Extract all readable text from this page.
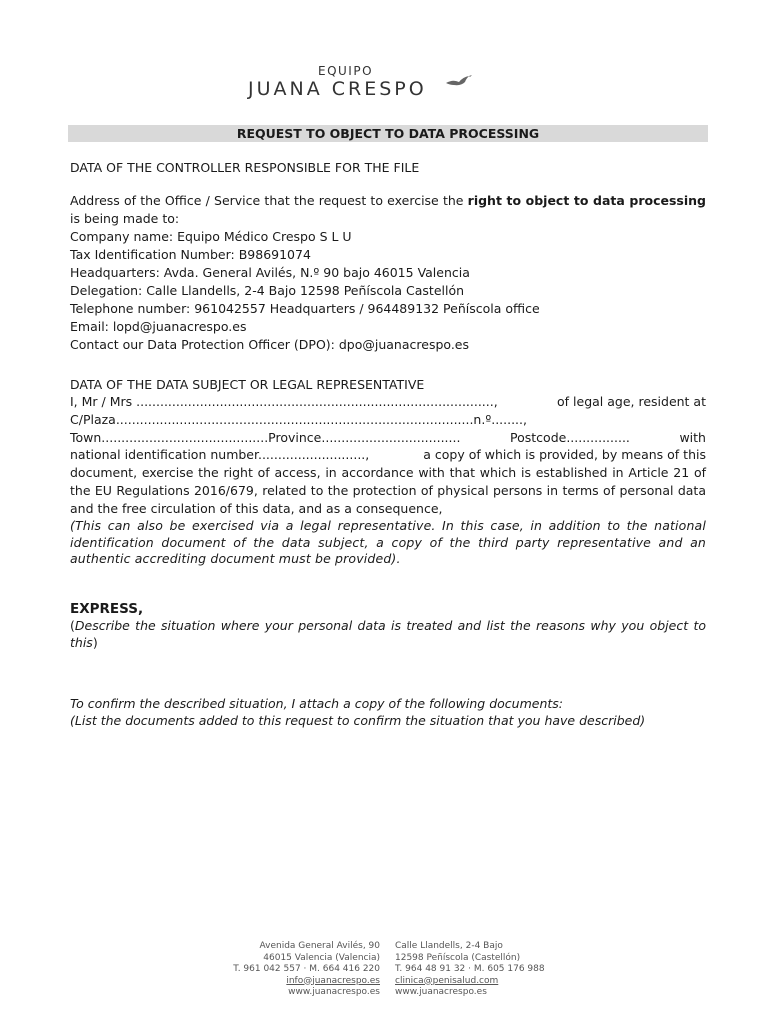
EQUIPO
JUANA CRESPO
REQUEST TO OBJECT TO DATA PROCESSING
DATA OF THE CONTROLLER RESPONSIBLE FOR THE FILE
Address of the Office / Service that the request to exercise the right to object to data processing is being made to:
Company name: Equipo Médico Crespo S L U
Tax Identification Number: B98691074
Headquarters: Avda. General Avilés, N.º 90 bajo 46015 Valencia
Delegation: Calle Llandells, 2-4 Bajo 12598 Peñíscola Castellón
Telephone number: 961042557 Headquarters / 964489132 Peñíscola office
Email: lopd@juanacrespo.es
Contact our Data Protection Officer (DPO): dpo@juanacrespo.es
DATA OF THE DATA SUBJECT OR LEGAL REPRESENTATIVE
I, Mr / Mrs ..........................................................................................,	of legal age, resident at
C/Plaza..........................................................................................n.º........,
Town..........................................Province...................................	Postcode................	with
national identification number...........................,	a copy of which is provided, by means of this
document, exercise the right of access, in accordance with that which is established in Article 21 of the EU Regulations 2016/679, related to the protection of physical persons in terms of personal data and the free circulation of this data, and as a consequence,
(This can also be exercised via a legal representative. In this case, in addition to the national identification document of the data subject, a copy of the third party representative and an authentic accrediting document must be provided).
EXPRESS,
(Describe the situation where your personal data is treated and list the reasons why you object to this)
To confirm the described situation, I attach a copy of the following documents:
(List the documents added to this request to confirm the situation that you have described)
Avenida General Avilés, 90
46015 Valencia (Valencia)
T. 961 042 557 · M. 664 416 220
info@juanacrespo.es
www.juanacrespo.es
Calle Llandells, 2-4 Bajo
12598 Peñíscola (Castellón)
T. 964 48 91 32 · M. 605 176 988
clinica@penisalud.com
www.juanacrespo.es
